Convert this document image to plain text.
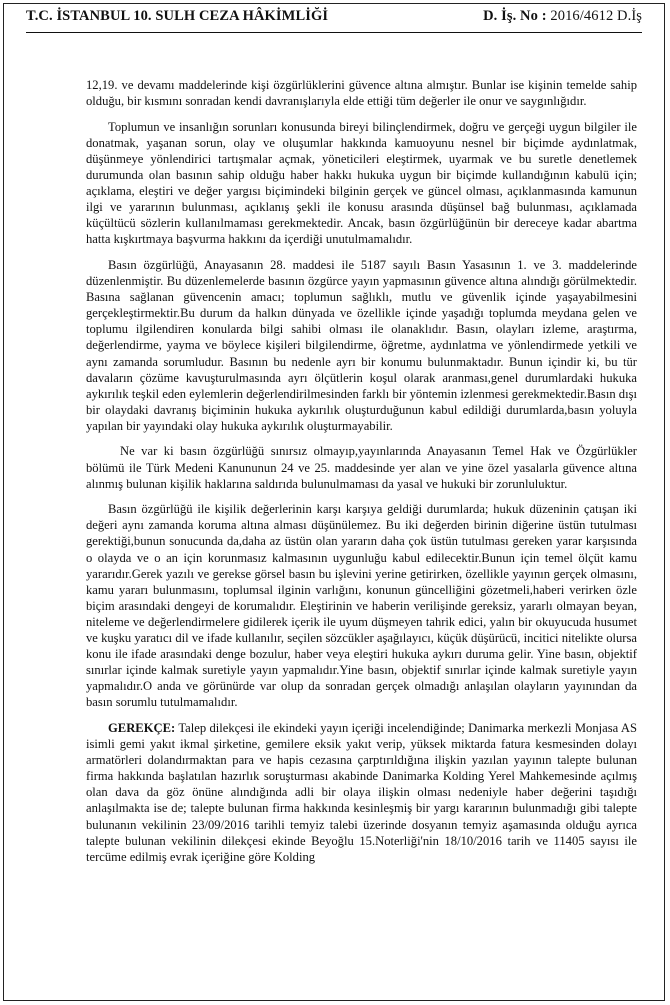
T.C. İSTANBUL 10. SULH CEZA HÂKİMLİĞİ	D. İş. No : 2016/4612 D.İş

12,19. ve devamı maddelerinde kişi özgürlüklerini güvence altına almıştır. Bunlar ise kişinin temelde sahip olduğu, bir kısmını sonradan kendi davranışlarıyla elde ettiği tüm değerler ile onur ve saygınlığıdır.

Toplumun ve insanlığın sorunları konusunda bireyi bilinçlendirmek, doğru ve gerçeği uygun bilgiler ile donatmak, yaşanan sorun, olay ve oluşumlar hakkında kamuoyunu nesnel bir biçimde aydınlatmak, düşünmeye yönlendirici tartışmalar açmak, yöneticileri eleştirmek, uyarmak ve bu suretle denetlemek durumunda olan basının sahip olduğu haber hakkı hukuka uygun bir biçimde kullandığının kabulü için; açıklama, eleştiri ve değer yargısı biçimindeki bilginin gerçek ve güncel olması, açıklanmasında kamunun ilgi ve yararının bulunması, açıklanış şekli ile konusu arasında düşünsel bağ bulunması, açıklamada küçültücü sözlerin kullanılmaması gerekmektedir. Ancak, basın özgürlüğünün bir dereceye kadar abartma hatta kışkırtmaya başvurma hakkını da içerdiği unutulmamalıdır.

Basın özgürlüğü, Anayasanın 28. maddesi ile 5187 sayılı Basın Yasasının 1. ve 3. maddelerinde düzenlenmiştir. Bu düzenlemelerde basının özgürce yayın yapmasının güvence altına alındığı görülmektedir. Basına sağlanan güvencenin amacı; toplumun sağlıklı, mutlu ve güvenlik içinde yaşayabilmesini gerçekleştirmektir.Bu durum da halkın dünyada ve özellikle içinde yaşadığı toplumda meydana gelen ve toplumu ilgilendiren konularda bilgi sahibi olması ile olanaklıdır. Basın, olayları izleme, araştırma, değerlendirme, yayma ve böylece kişileri bilgilendirme, öğretme, aydınlatma ve yönlendirmede yetkili ve aynı zamanda sorumludur. Basının bu nedenle ayrı bir konumu bulunmaktadır. Bunun içindir ki, bu tür davaların çözüme kavuşturulmasında ayrı ölçütlerin koşul olarak aranması,genel durumlardaki hukuka aykırılık teşkil eden eylemlerin değerlendirilmesinden farklı bir yöntemin izlenmesi gerekmektedir.Basın dışı bir olaydaki davranış biçiminin hukuka aykırılık oluşturduğunun kabul edildiği durumlarda,basın yoluyla yapılan bir yayındaki olay hukuka aykırılık oluşturmayabilir.

Ne var ki basın özgürlüğü sınırsız olmayıp,yayınlarında Anayasanın Temel Hak ve Özgürlükler bölümü ile Türk Medeni Kanununun 24 ve 25. maddesinde yer alan ve yine özel yasalarla güvence altına alınmış bulunan kişilik haklarına saldırıda bulunulmaması da yasal ve hukuki bir zorunluluktur.

Basın özgürlüğü ile kişilik değerlerinin karşı karşıya geldiği durumlarda; hukuk düzeninin çatışan iki değeri aynı zamanda koruma altına alması düşünülemez. Bu iki değerden birinin diğerine üstün tutulması gerektiği,bunun sonucunda da,daha az üstün olan yararın daha çok üstün tutulması gereken yarar karşısında o olayda ve o an için korunmasız kalmasının uygunluğu kabul edilecektir.Bunun için temel ölçüt kamu yararıdır.Gerek yazılı ve gerekse görsel basın bu işlevini yerine getirirken, özellikle yayının gerçek olmasını, kamu yararı bulunmasını, toplumsal ilginin varlığını, konunun güncelliğini gözetmeli,haberi verirken özle biçim arasındaki dengeyi de korumalıdır. Eleştirinin ve haberin verilişinde gereksiz, yararlı olmayan beyan, niteleme ve değerlendirmelere gidilerek içerik ile uyum düşmeyen tahrik edici, yalın bir okuyucuda husumet ve kuşku yaratıcı dil ve ifade kullanılır, seçilen sözcükler aşağılayıcı, küçük düşürücü, incitici nitelikte olursa konu ile ifade arasındaki denge bozulur, haber veya eleştiri hukuka aykırı duruma gelir. Yine basın, objektif sınırlar içinde kalmak suretiyle yayın yapmalıdır.Yine basın, objektif sınırlar içinde kalmak suretiyle yayın yapmalıdır.O anda ve görünürde var olup da sonradan gerçek olmadığı anlaşılan olayların yayınından da basın sorumlu tutulmamalıdır.

GEREKÇE: Talep dilekçesi ile ekindeki yayın içeriği incelendiğinde; Danimarka merkezli Monjasa AS isimli gemi yakıt ikmal şirketine, gemilere eksik yakıt verip, yüksek miktarda fatura kesmesinden dolayı armatörleri dolandırmaktan para ve hapis cezasına çarptırıldığına ilişkin yazılan yayının talepte bulunan firma hakkında başlatılan hazırlık soruşturması akabinde Danimarka Kolding Yerel Mahkemesinde açılmış olan dava da göz önüne alındığında adli bir olaya ilişkin olması nedeniyle haber değerini taşıdığı anlaşılmakta ise de; talepte bulunan firma hakkında kesinleşmiş bir yargı kararının bulunmadığı gibi talepte bulunanın vekilinin 23/09/2016 tarihli temyiz talebi üzerinde dosyanın temyiz aşamasında olduğu ayrıca talepte bulunan vekilinin dilekçesi ekinde Beyoğlu 15.Noterliği'nin 18/10/2016 tarih ve 11405 sayısı ile tercüme edilmiş evrak içeriğine göre Kolding
